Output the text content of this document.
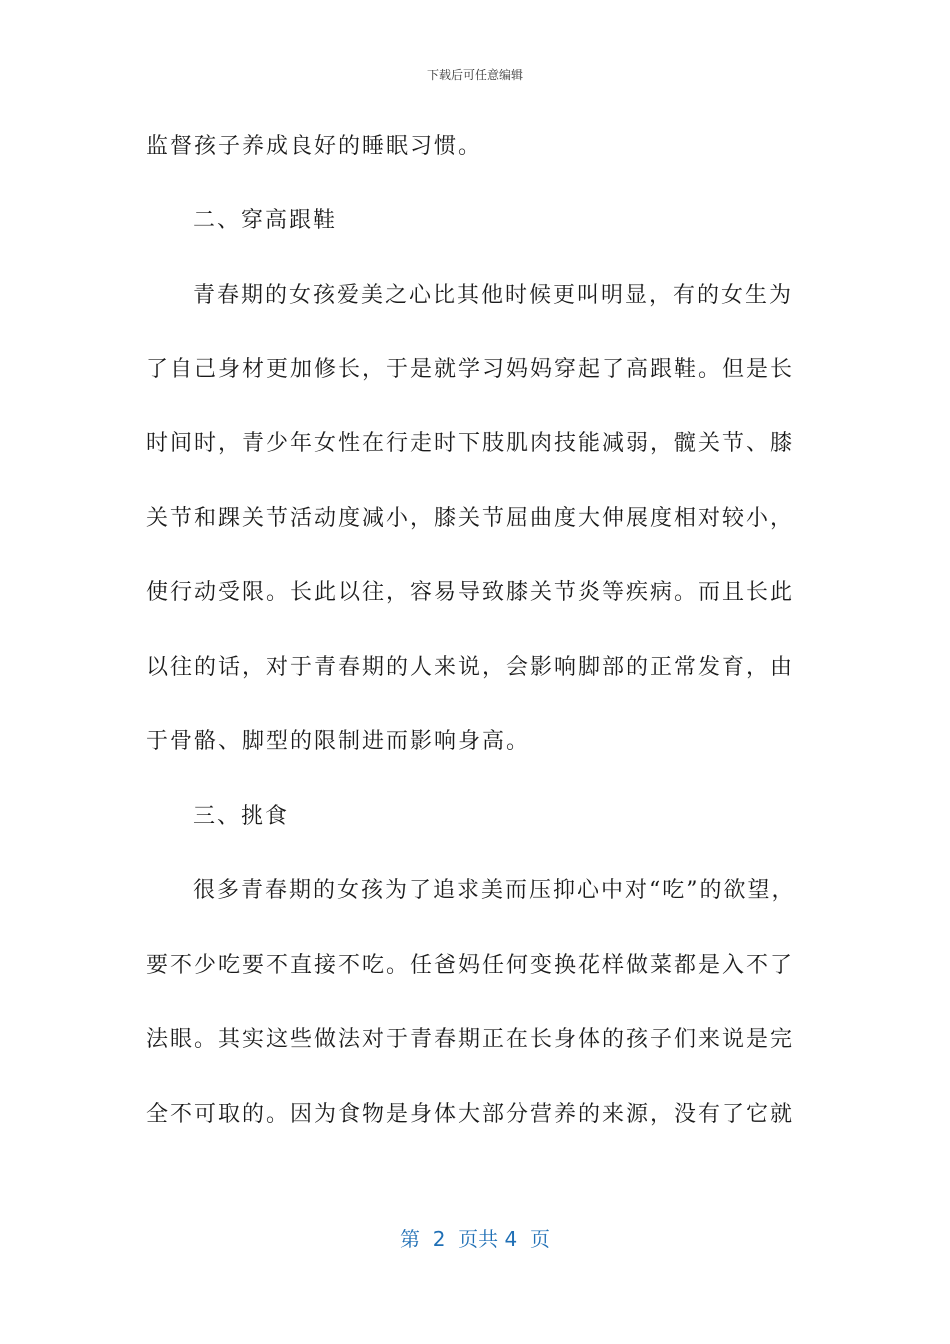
下载后可任意编辑
监督孩子养成良好的睡眠习惯。
二、穿高跟鞋
青春期的女孩爱美之心比其他时候更叫明显，有的女生为
了自己身材更加修长，于是就学习妈妈穿起了高跟鞋。但是长
时间时，青少年女性在行走时下肢肌肉技能减弱，髋关节、膝
关节和踝关节活动度减小，膝关节屈曲度大伸展度相对较小，
使行动受限。长此以往，容易导致膝关节炎等疾病。而且长此
以往的话，对于青春期的人来说，会影响脚部的正常发育，由
于骨骼、脚型的限制进而影响身高。
三、挑食
很多青春期的女孩为了追求美而压抑心中对“吃”的欲望，
要不少吃要不直接不吃。任爸妈任何变换花样做菜都是入不了
法眼。其实这些做法对于青春期正在长身体的孩子们来说是完
全不可取的。因为食物是身体大部分营养的来源，没有了它就
第  2  页共 4  页
